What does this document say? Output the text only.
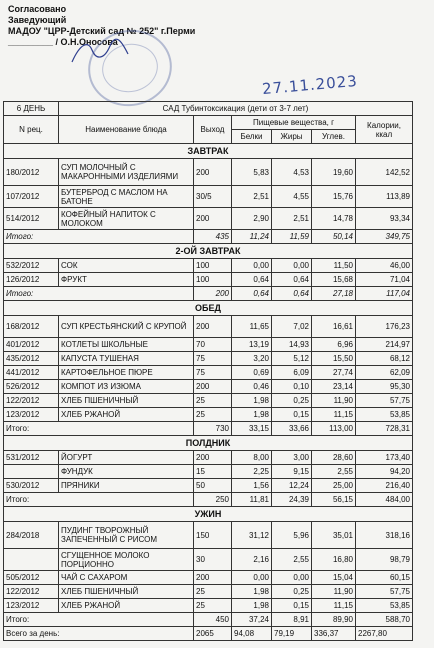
Согласовано
Заведующий
МАДОУ "ЦРР-Детский сад № 252" г.Перми
_________ / О.Н.Оносова
27.11.2023
6 ДЕНЬ	САД Тубинтоксикация (дети от 3-7 лет)					
N рец.	Наименование блюда	Выход	Пищевые вещества, г			Калории, ккал
			Белки	Жиры	Углев.	
ЗАВТРАК						
180/2012	СУП МОЛОЧНЫЙ С МАКАРОННЫМИ ИЗДЕЛИЯМИ	200	5,83	4,53	19,60	142,52
107/2012	БУТЕРБРОД С МАСЛОМ НА БАТОНЕ	30/5	2,51	4,55	15,76	113,89
514/2012	КОФЕЙНЫЙ НАПИТОК С МОЛОКОМ	200	2,90	2,51	14,78	93,34
Итого:		435	11,24	11,59	50,14	349,75
2-ОЙ ЗАВТРАК						
532/2012	СОК	100	0,00	0,00	11,50	46,00
126/2012	ФРУКТ	100	0,64	0,64	15,68	71,04
Итого:		200	0,64	0,64	27,18	117,04
ОБЕД						
168/2012	СУП КРЕСТЬЯНСКИЙ С КРУПОЙ	200	11,65	7,02	16,61	176,23
401/2012	КОТЛЕТЫ ШКОЛЬНЫЕ	70	13,19	14,93	6,96	214,97
435/2012	КАПУСТА ТУШЕНАЯ	75	3,20	5,12	15,50	68,12
441/2012	КАРТОФЕЛЬНОЕ ПЮРЕ	75	0,69	6,09	27,74	62,09
526/2012	КОМПОТ ИЗ ИЗЮМА	200	0,46	0,10	23,14	95,30
122/2012	ХЛЕБ ПШЕНИЧНЫЙ	25	1,98	0,25	11,90	57,75
123/2012	ХЛЕБ РЖАНОЙ	25	1,98	0,15	11,15	53,85
Итого:		730	33,15	33,66	113,00	728,31
ПОЛДНИК						
531/2012	ЙОГУРТ	200	8,00	3,00	28,60	173,40
	ФУНДУК	15	2,25	9,15	2,55	94,20
530/2012	ПРЯНИКИ	50	1,56	12,24	25,00	216,40
Итого:		250	11,81	24,39	56,15	484,00
УЖИН						
284/2018	ПУДИНГ ТВОРОЖНЫЙ ЗАПЕЧЕННЫЙ С РИСОМ	150	31,12	5,96	35,01	318,16
	СГУЩЕННОЕ МОЛОКО ПОРЦИОННО	30	2,16	2,55	16,80	98,79
505/2012	ЧАЙ С САХАРОМ	200	0,00	0,00	15,04	60,15
122/2012	ХЛЕБ ПШЕНИЧНЫЙ	25	1,98	0,25	11,90	57,75
123/2012	ХЛЕБ РЖАНОЙ	25	1,98	0,15	11,15	53,85
Итого:		450	37,24	8,91	89,90	588,70
Всего за день:		2065	94,08	79,19	336,37	2267,80
